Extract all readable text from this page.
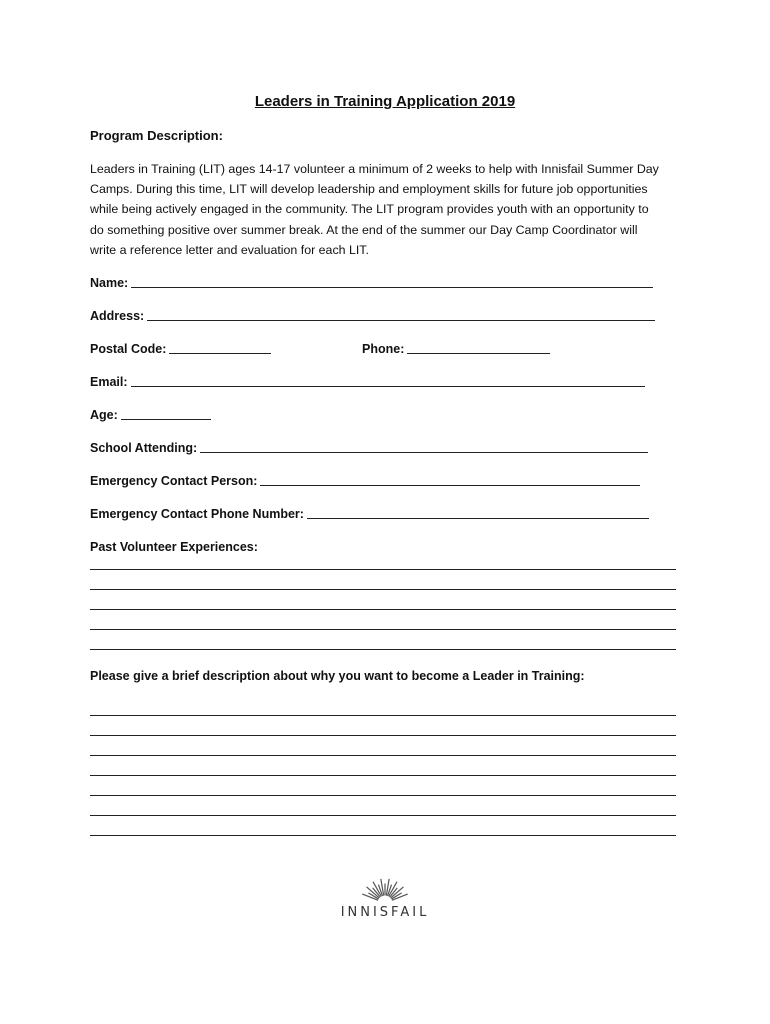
Leaders in Training Application 2019
Program Description:
Leaders in Training (LIT) ages 14-17 volunteer a minimum of 2 weeks to help with Innisfail Summer Day
Camps. During this time, LIT will develop leadership and employment skills for future job opportunities
while being actively engaged in the community. The LIT program provides youth with an opportunity to
do something positive over summer break. At the end of the summer our Day Camp Coordinator will
write a reference letter and evaluation for each LIT.
Name:
Address:
Postal Code:	Phone:
Email:
Age:
School Attending:
Emergency Contact Person:
Emergency Contact Phone Number:
Past Volunteer Experiences:
Please give a brief description about why you want to become a Leader in Training:
INNISFAIL
